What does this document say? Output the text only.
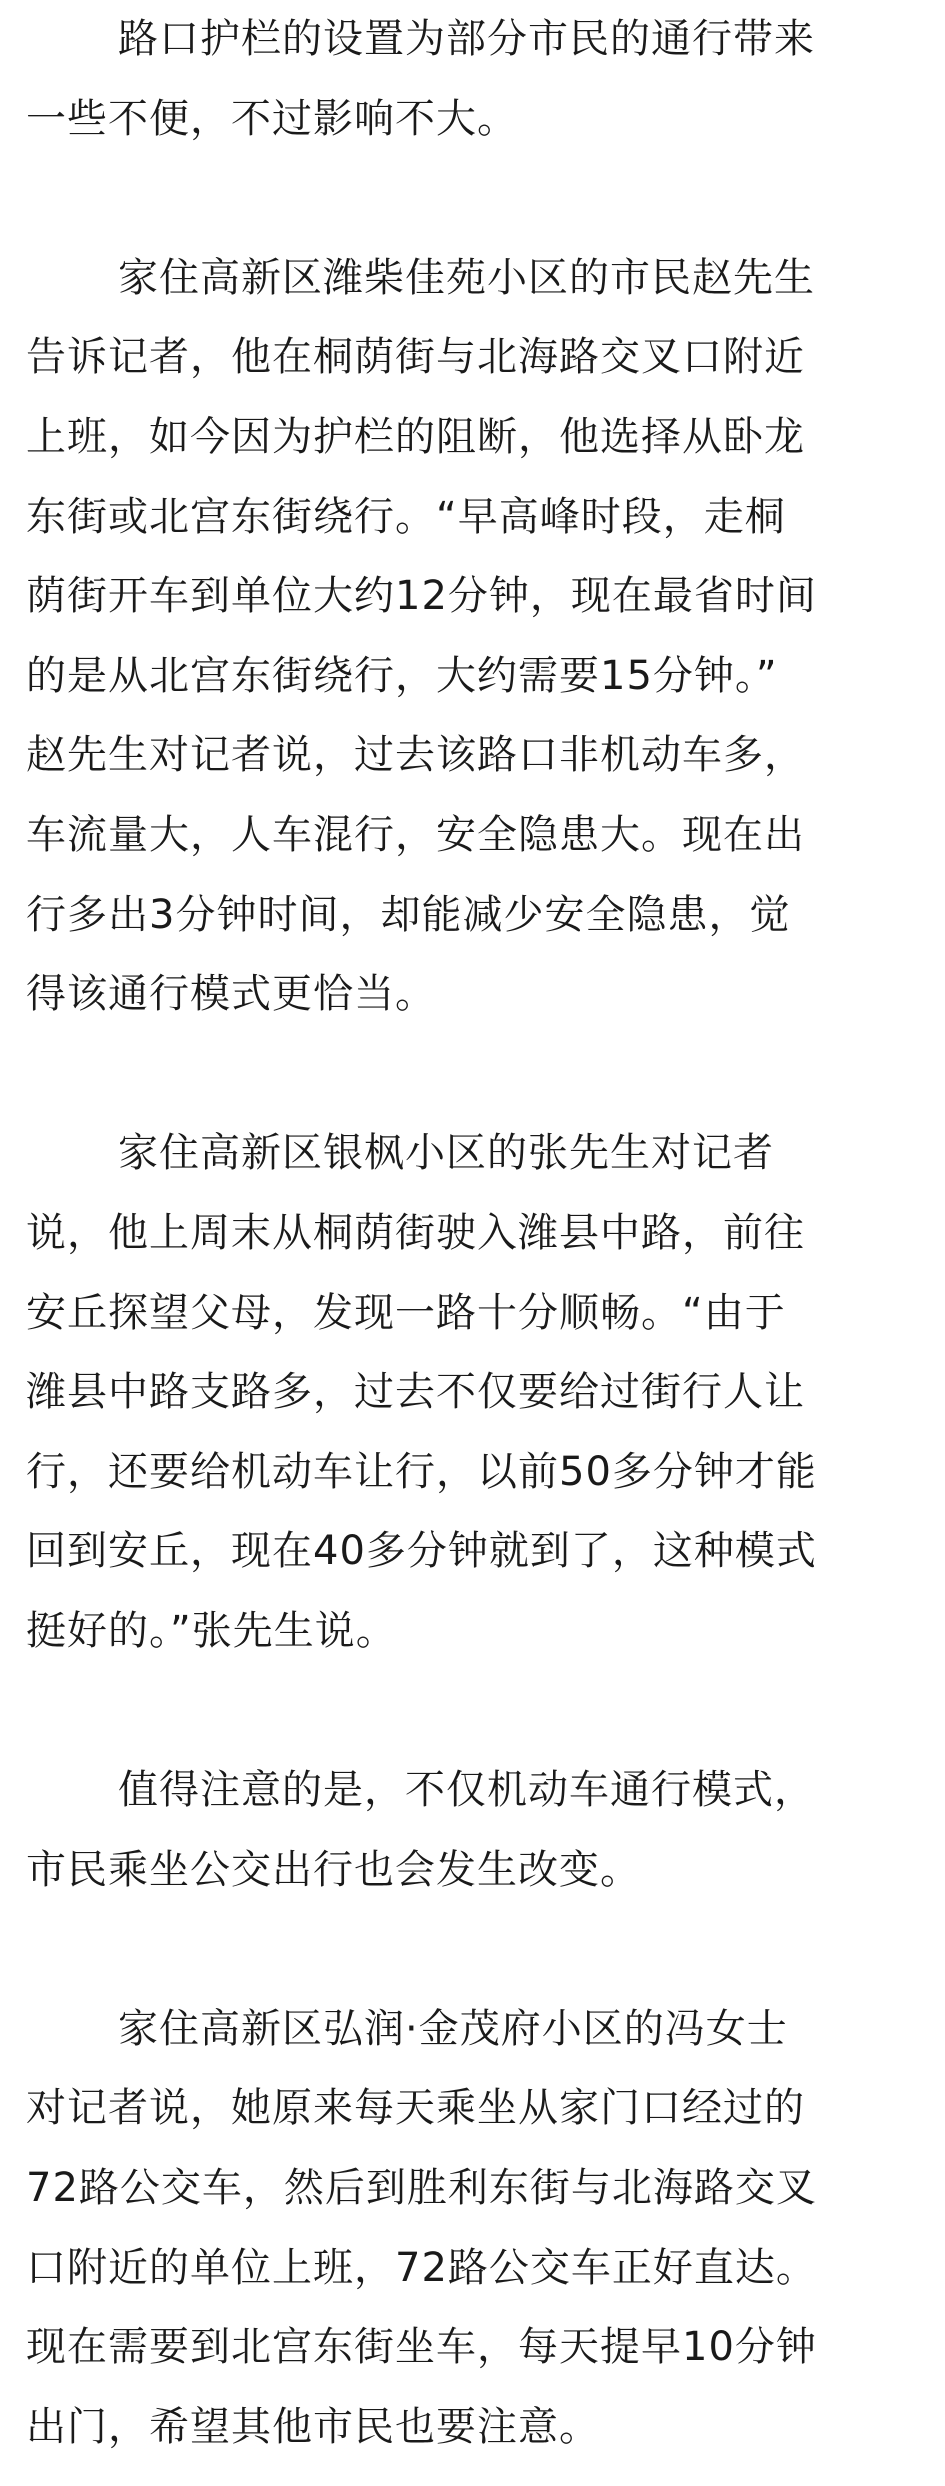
路口护栏的设置为部分市民的通行带来
一些不便，不过影响不大。
家住高新区潍柴佳苑小区的市民赵先生
告诉记者，他在桐荫街与北海路交叉口附近
上班，如今因为护栏的阻断，他选择从卧龙
东街或北宫东街绕行。“早高峰时段，走桐
荫街开车到单位大约12分钟，现在最省时间
的是从北宫东街绕行，大约需要15分钟。”
赵先生对记者说，过去该路口非机动车多，
车流量大，人车混行，安全隐患大。现在出
行多出3分钟时间，却能减少安全隐患，觉
得该通行模式更恰当。
家住高新区银枫小区的张先生对记者
说，他上周末从桐荫街驶入潍县中路，前往
安丘探望父母，发现一路十分顺畅。“由于
潍县中路支路多，过去不仅要给过街行人让
行，还要给机动车让行，以前50多分钟才能
回到安丘，现在40多分钟就到了，这种模式
挺好的。”张先生说。
值得注意的是，不仅机动车通行模式，
市民乘坐公交出行也会发生改变。
家住高新区弘润·金茂府小区的冯女士
对记者说，她原来每天乘坐从家门口经过的
72路公交车，然后到胜利东街与北海路交叉
口附近的单位上班，72路公交车正好直达。
现在需要到北宫东街坐车，每天提早10分钟
出门，希望其他市民也要注意。
